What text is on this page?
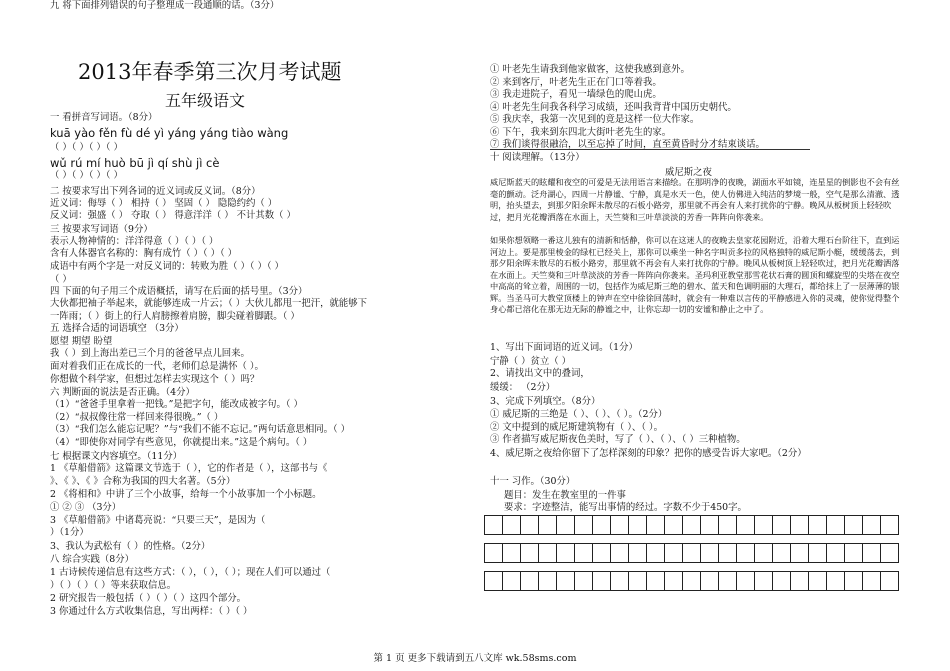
2013年春季第三次月考试题
五年级语文
一 看拼音写词语。（8分）
kuā yào fěn fù dé yì yáng yáng tiào wàng
（ ）（ ）（ ）（ ）
wǔ rú mí huò bū jì qí shù jì cè
（ ）（ ）（ ）（ ）
二 按要求写出下列各词的近义词或反义词。（8分）
近义词：侮辱（ ） 相持（ ） 坚固（ ） 隐隐约约（ ）
反义词：强盛（ ） 夺取（ ） 得意洋洋（ ） 不计其数（ ）
三 按要求写词语（9分）
表示人物神情的：洋洋得意（ ）（ ）（ ）
含有人体器官名称的：胸有成竹（ ）（ ）（ ）
成语中有两个字是一对反义词的：转败为胜（ ）（ ）（ ）
（ ）
四 下面的句子用三个成语概括，请写在后面的括号里。（3分）
大伙都把袖子举起来，就能够连成一片云；（ ）大伙儿都甩一把汗，就能够下
一阵雨；（ ）街上的行人肩膀擦着肩膀，脚尖碰着脚跟。（ ）
五 选择合适的词语填空 （3分）
愿望 期望 盼望
我（ ）到上海出差已三个月的爸爸早点儿回来。
面对着我们正在成长的一代，老师们总是满怀（ ）。
你想做个科学家，但想过怎样去实现这个（ ）吗？
六 判断面的说法是否正确。（4分）
（1）“爸爸手里拿着一把钱。”是把字句，能改成被字句。（ ）
（2）“叔叔像往常一样回来得很晚。”（ ）
（3）“我们怎么能忘记呢？”与“我们不能不忘记。”两句话意思相同。（ ）
（4）“即使你对同学有些意见，你就提出来。”这是个病句。（ ）
七 根据课文内容填空。（11分）
1 《草船借箭》这篇课文节选于（ ），它的作者是（ ），这部书与《
》、《 》、《 》合称为我国的四大名著。（5分）
2 《将相和》中讲了三个小故事，给每一个小故事加一个小标题。
① ② ③ （3分）
3 《草船借箭》中诸葛亮说：“只要三天”，是因为（
）（1分）
3、我认为武松有（ ）的性格。（2分）
八 综合实践（8分）
1 古诗候传递信息有这些方式：（ ），（ ），（ ）；现在人们可以通过（
）（ ）（ ）（ ）等来获取信息。
2 研究报告一般包括（ ）（ ）（ ）这四个部分。
3 你通过什么方式收集信息，写出两样：（ ）（ ）
九 将下面排列错误的句子整理成一段通顺的话。（3分）
① 叶老先生请我到他家做客，这使我感到意外。
② 来到客厅，叶老先生正在门口等着我。
③ 我走进院子，看见一墙绿色的爬山虎。
④ 叶老先生问我各科学习成绩，还叫我背背中国历史朝代。
⑤ 我庆幸，我第一次见到的竟是这样一位大作家。
⑥ 下午，我来到东四北大街叶老先生的家。
⑦ 我们谈得很融洽，以至忘掉了时间，直至黄昏时分才结束谈话。
十 阅读理解。（13分）
威尼斯之夜
威尼斯蓝天的眩耀和夜空的可爱是无法用语言来描绘。在那明净的夜晚，湖面水平如镜，连星星的倒影也不会有丝毫的颤动。泛舟湖心，四周一片静谧、宁静，真是水天一色，使人仿佛进入纯洁的梦境一般，空气是那么清澈、透明，抬头望去，到那夕阳余晖未散尽的石板小路旁，那里就不再会有人来打扰你的宁静。晚风从板树顶上轻轻吹过，把月光花瓣洒落在水面上，天竺葵和三叶草淡淡的芳香一阵阵向你袭来。
如果你想领略一番这儿独有的清新和恬静，你可以在这迷人的夜晚去皇家花园附近，沿着大理石台阶往下，直到运河边上。要是那里棱金的绿杠已经关上，那你可以乘坐一种名字叫贡多拉的风格独特的威尼斯小艇，缓缓荡去，到那夕阳余晖未散尽的石板小路旁，那里就不再会有人来打扰你的宁静。晚风从板树顶上轻轻吹过，把月光花瓣洒落在水面上。天竺葵和三叶草淡淡的芳香一阵阵向你袭来。圣玛利亚教堂那雪花状石膏的圆顶和螺旋型的尖塔在夜空中高高的耸立着，周围的一切，包括作为威尼斯三绝的碧水、蓝天和色调明丽的大理石，都给抹上了一层薄薄的银辉。当圣马可大教堂顶楼上的钟声在空中徐徐回荡时，就会有一种难以言传的平静感进入你的灵魂，使你觉得整个身心都已溶化在那无边无际的静谧之中，让你忘却一切的安谧和静止之中了。
1、写出下面词语的近义词。（1分）
宁静（ ）贫立（ ）
2、请找出文中的叠词，
缓缓： （2分）
3、完成下列填空。（8分）
① 威尼斯的三绝是（ ）、（ ）、（ ）。（2分）
② 文中提到的威尼斯建筑物有（ ）、（ ）。
③ 作者描写威尼斯夜色美时，写了（ ）、（ ）、（ ）三种植物。
4、威尼斯之夜给你留下了怎样深刻的印象？把你的感受告诉大家吧。（2分）
十一 习作。（30分）
题目：发生在教室里的一件事
要求：字迹整洁，能写出事情的经过。字数不少于450字。

第 1 页 更多下载请到五八文库 wk.58sms.com
